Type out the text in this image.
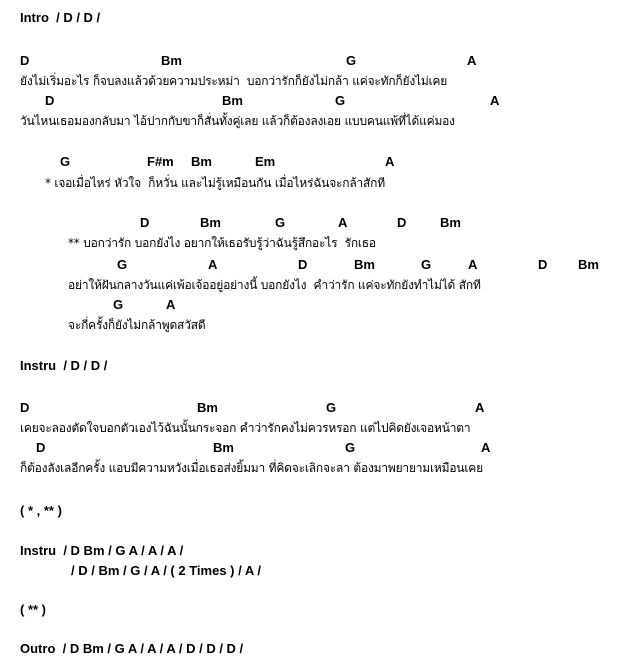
Intro  / D / D /
D	Bm	G	A
ยังไม่เริ่มอะไร ก็จบลงแล้วด้วยความประหม่า  บอกว่ารักก็ยังไม่กล้า แค่จะทักก็ยังไม่เคย
D	Bm	G	A
วันไหนเธอมองกลับมา ไอ้ปากกับขาก็สั่นทั้งคู่เลย แล้วก็ต้องลงเอย แบบคนแพ้ที่ได้แค่มอง
G	F#m Bm	Em	A
* เจอเมื่อไหร่ หัวใจ  ก็หวั่น และไม่รู้เหมือนกัน เมื่อไหร่ฉันจะกล้าสักที
D	Bm	G	A	D	Bm
** บอกว่ารัก บอกยังไง อยากให้เธอรับรู้ว่าฉันรู้สึกอะไร  รักเธอ
G	A	D	Bm	G	A	D Bm
อย่าให้ฝันกลางวันแค่เพ้อเจ้ออยู่อย่างนี้ บอกยังไง  คำว่ารัก แค่จะทักยังทำไม่ได้ สักที
G	A
จะกี่ครั้งก็ยังไม่กล้าพูดสวัสดี
Instru  / D / D /
D	Bm	G	A
เคยจะลองตัดใจบอกตัวเองไว้ฉันนั้นกระจอก คำว่ารักคงไม่ควรหรอก แต่ไปคิดยังเจอหน้าตา
D	Bm	G	A
ก็ต้องลังเลอีกครั้ง แอบมีความหวังเมื่อเธอส่งยิ้มมา ที่คิดจะเลิกจะลา ต้องมาพยายามเหมือนเคย
( * , ** )
Instru  / D Bm / G A / A / A /
/ D / Bm / G / A / ( 2 Times ) / A /
( ** )
Outro  / D Bm / G A / A / A / D / D / D /
